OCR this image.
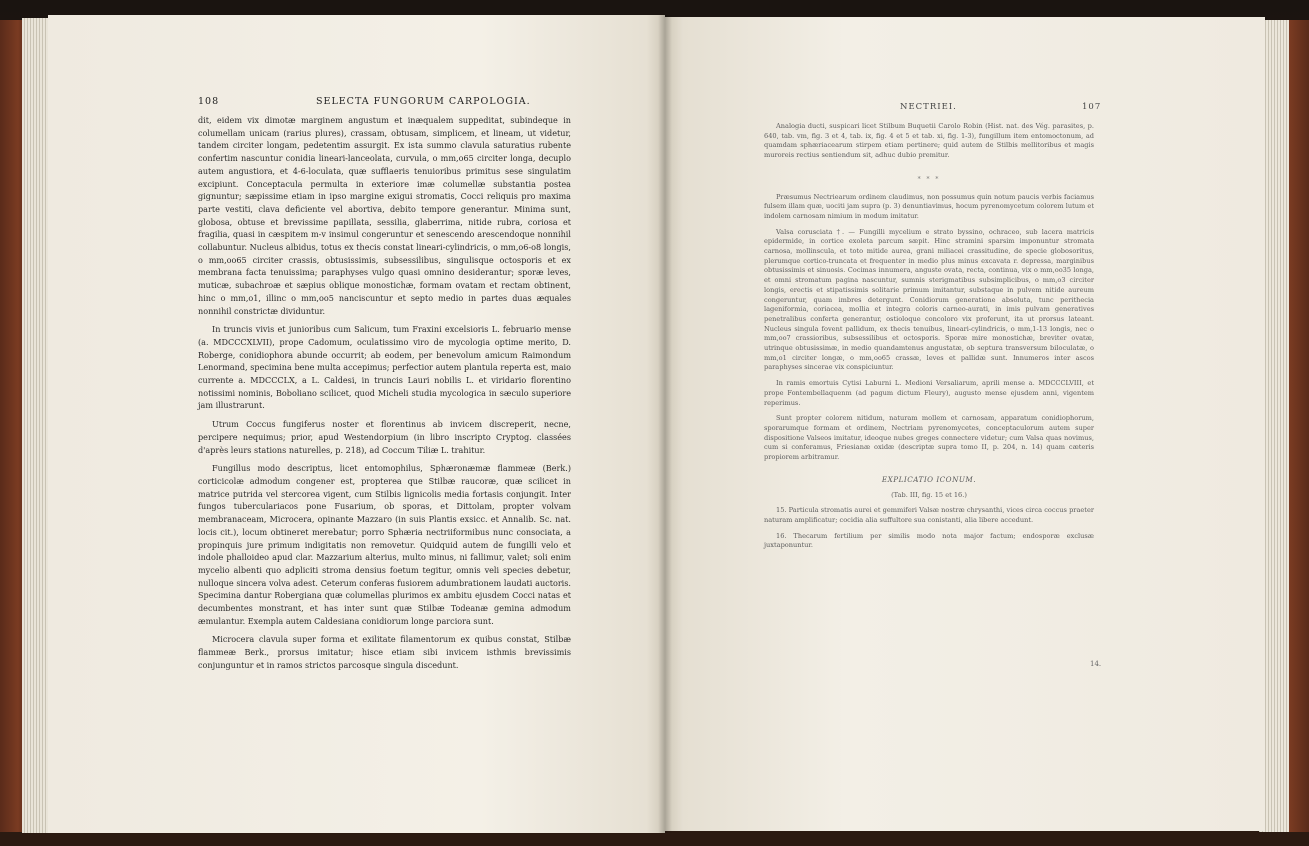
108	SELECTA FUNGORUM CARPOLOGIA.

dit, eidem vix dimotæ marginem angustum et inæqualem suppeditat, subindeque in columellam unicam (rarius plures), crassam, obtusam, simplicem, et lineam, ut videtur, tandem circiter longam, pedetentim assurgit. Ex ista summo clavula saturatius rubente confertim nascuntur conidia lineari-lanceolata, curvula, o mm,o65 circiter longa, decuplo autem angustiora, et 4-6-loculata, quæ sufflaeris tenuioribus primitus sese singulatim excipiunt. Conceptacula permulta in exteriore imæ columellæ substantia postea gignuntur; sæpissime etiam in ipso margine exigui stromatis, Cocci reliquis pro maxima parte vestiti, clava deficiente vel abortiva, debito tempore generantur. Minima sunt, globosa, obtuse et brevissime papillata, sessilia, glaberrima, nitide rubra, coriosa et fragilia, quasi in cæspitem m-v insimul congeruntur et senescendo arescendoque nonnihil collabuntur. Nucleus albidus, totus ex thecis constat lineari-cylindricis, o mm,o6-o8 longis, o mm,oo65 circiter crassis, obtusissimis, subsessilibus, singulisque octosporis et ex membrana facta tenuissima; paraphyses vulgo quasi omnino desiderantur; sporæ leves, muticæ, subachroæ et sæpius oblique monostichæ, formam ovatam et rectam obtinent, hinc o mm,o1, illinc o mm,oo5 nanciscuntur et septo medio in partes duas æquales nonnihil constrictæ dividuntur.

In truncis vivis et junioribus cum Salicum, tum Fraxini excelsioris L. februario mense (a. MDCCCXLVII), prope Cadomum, oculatissimo viro de mycologia optime merito, D. Roberge, conidiophora abunde occurrit; ab eodem, per benevolum amicum Raimondum Lenormand, specimina bene multa accepimus; perfectior autem plantula reperta est, maio currente a. MDCCCLX, a L. Caldesi, in truncis Lauri nobilis L. et viridario florentino notissimi nominis, Boboliano scilicet, quod Micheli studia mycologica in sæculo superiore jam illustrarunt.

Utrum Coccus fungiferus noster et florentinus ab invicem discreperit, necne, percipere nequimus; prior, apud Westendorpium (in libro inscripto Cryptog. classées d'après leurs stations naturelles, p. 218), ad Coccum Tiliæ L. trahitur.

Fungillus modo descriptus, licet entomophilus, Sphæronæmæ flammeæ (Berk.) corticicolæ admodum congener est, propterea que Stilbæ raucoræ, quæ scilicet in matrice putrida vel stercorea vigent, cum Stilbis lignicolis media fortasis conjungit. Inter fungos tuberculariacos pone Fusarium, ob sporas, et Dittolam, propter volvam membranaceam, Microcera, opinante Mazzaro (in suis Plantis exsicc. et Annalib. Sc. nat. locis cit.), locum obtineret merebatur; porro Sphæria nectriiformibus nunc consociata, a propinquis jure primum indigitatis non removetur. Quidquid autem de fungilli velo et indole phalloideo apud clar. Mazzarium alterius, multo minus, ni fallimur, valet; soli enim mycelio albenti quo adpliciti stroma densius foetum tegitur, omnis veli species debetur, nulloque sincera volva adest. Ceterum conferas fusiorem adumbrationem laudati auctoris. Specimina dantur Robergiana quæ columellas plurimos ex ambitu ejusdem Cocci natas et decumbentes monstrant, et has inter sunt quæ Stilbæ Todeanæ gemina admodum æmulantur. Exempla autem Caldesiana conidiorum longe parciora sunt.

Microcera clavula super forma et exilitate filamentorum ex quibus constat, Stilbæ flammeæ Berk., prorsus imitatur; hisce etiam sibi invicem isthmis brevissimis conjunguntur et in ramos strictos parcosque singula discedunt.

NECTRIEI.	107

Analogia ducti, suspicari licet Stilbum Buquetii Carolo Robin (Hist. nat. des Vég. parasites, p. 640, tab. vm, fig. 3 et 4, tab. ix, fig. 4 et 5 et tab. xi, fig. 1-3), fungillum item entomoctonum, ad quamdam sphæriacearum stirpem etiam pertinere; quid autem de Stilbis mellitoribus et magis muroreis rectius sentiendum sit, adhuc dubio premitur.

* * *

Præsumus Nectriearum ordinem claudimus, non possumus quin notum paucis verbis faciamus fulsem illam quæ, uociti jam supra (p. 3) denuntiavimus, hocum pyrenomycetum colorem lutum et indolem carnosam nimium in modum imitatur.

Valsa corusciata †. — Fungilli mycelium e strato byssino, ochraceo, sub lacera matricis epidermide, in cortice exoleta parcum sæpit. Hinc stramini sparsim imponuntur stromata carnosa, mollinscula, et toto mitide aurea, grani miliacei crassitudine, de specie globosoritus, plerumque cortico-truncata et frequenter in medio plus minus excavata r. depressa, marginibus obtusissimis et sinuosis. Cocimas innumera, anguste ovata, recta, continua, vix o mm,oo35 longa, et omni stromatum pagina nascuntur, sumnis sterigmatibus subsimplicibus, o mm,o3 circiter longis, erectis et stipatissimis solitarie primum imitantur, substaque in pulvem nitide aureum congeruntur, quam imbres detergunt. Conidiorum generatione absoluta, tunc perithecia lageniformia, coriacea, mollia et integra coloris carneo-aurati, in imis pulvam generatives penetralibus conferta generantur, ostioloque concoloro vix proferunt, ita ut prorsus lateant. Nucleus singula fovent pallidum, ex thecis tenuibus, lineari-cylindricis, o mm,1-13 longis, nec o mm,oo7 crassioribus, subsessilibus et octosporis. Sporæ mire monostichæ, breviter ovatæ, utrinque obtusissimæ, in medio quandamtenus angustatæ, ob septura transversum biloculatæ, o mm,o1 circiter longæ, o mm,oo65 crassæ, leves et pallidæ sunt. Innumeros inter ascos paraphyses sincerae vix conspiciuntur.

In ramis emortuis Cytisi Laburni L. Medioni Versaliarum, aprili mense a. MDCCCLVIII, et prope Fontembellaquenm (ad pagum dictum Fleury), augusto mense ejusdem anni, vigentem reperimus.

Sunt propter colorem nitidum, naturam mollem et carnosam, apparatum conidiophorum, sporarumque formam et ordinem, Nectriam pyrenomycetes, conceptaculorum autem super dispositione Valseos imitatur, ideoque nubes greges connectere videtur; cum Valsa quas novimus, cum si conferamus, Friesianæ oxidæ (descriptæ supra tomo II, p. 204, n. 14) quam cæteris propiorem arbitramur.

EXPLICATIO ICONUM.

(Tab. III, fig. 15 et 16.)

15. Particula stromatis aurei et gemmiferi Valsæ nostræ chrysanthi, vices circa coccus praeter naturam amplificatur; cocidia alia suffultore sua conistanti, alia libere accedunt.

16. Thecarum fertilium per similis modo nota major factum; endosporæ exclusæ juxtaponuntur.

14.
